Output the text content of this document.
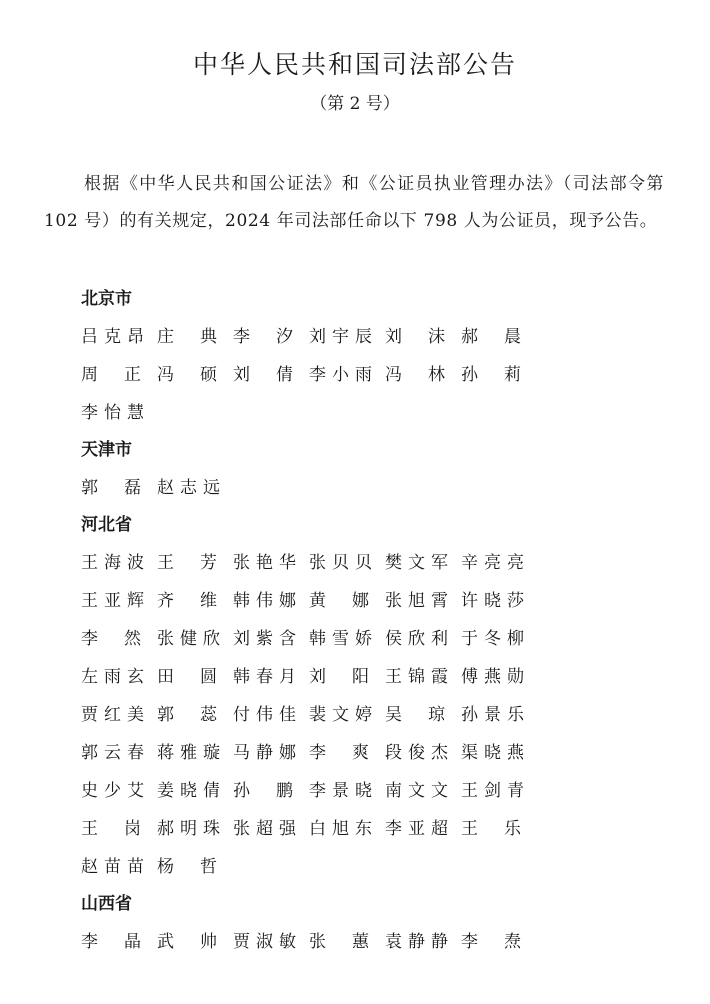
中华人民共和国司法部公告
（第 2 号）

根据《中华人民共和国公证法》和《公证员执业管理办法》（司法部令第 102 号）的有关规定，2024 年司法部任命以下 798 人为公证员，现予公告。

北京市
吕克昂 庄典 李汐 刘宇辰 刘沫 郝晨
周正 冯硕 刘倩 李小雨 冯林 孙莉
李怡慧
天津市
郭磊 赵志远
河北省
王海波 王芳 张艳华 张贝贝 樊文军 辛亮亮
王亚辉 齐维 韩伟娜 黄娜 张旭霄 许晓莎
李然 张健欣 刘紫含 韩雪娇 侯欣利 于冬柳
左雨玄 田圆 韩春月 刘阳 王锦霞 傅燕勋
贾红美 郭蕊 付伟佳 裴文婷 吴琼 孙景乐
郭云春 蒋雅璇 马静娜 李爽 段俊杰 渠晓燕
史少艾 姜晓倩 孙鹏 李景晓 南文文 王剑青
王岗 郝明珠 张超强 白旭东 李亚超 王乐
赵苗苗 杨哲
山西省
李晶 武帅 贾淑敏 张蕙 袁静静 李焘
